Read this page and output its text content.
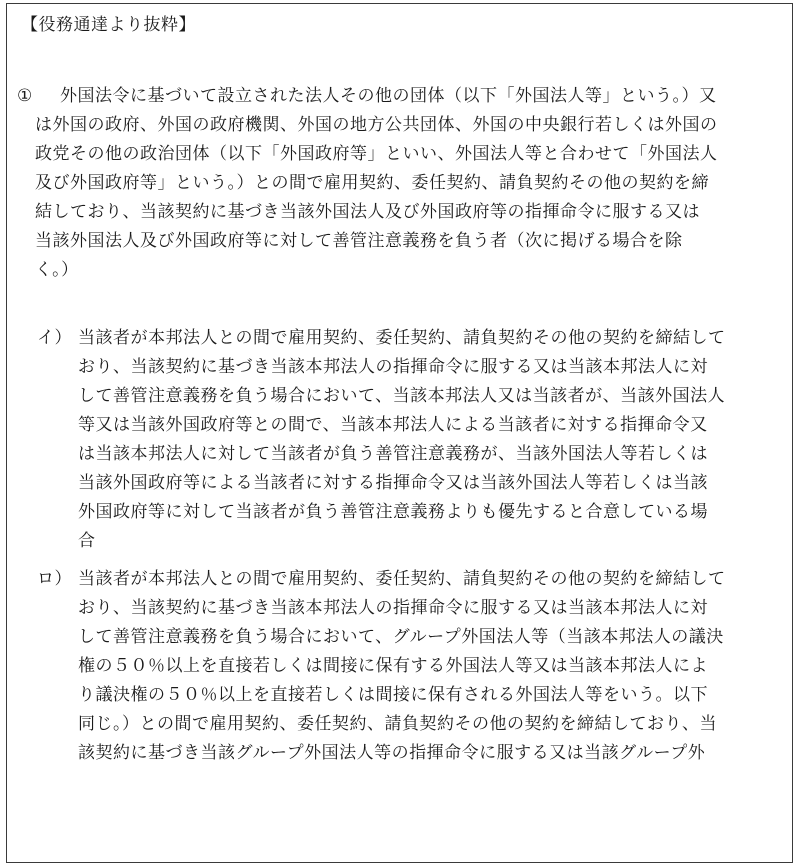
【役務通達より抜粋】
① 外国法令に基づいて設立された法人その他の団体（以下「外国法人等」という。）又
は外国の政府、外国の政府機関、外国の地方公共団体、外国の中央銀行若しくは外国の
政党その他の政治団体（以下「外国政府等」といい、外国法人等と合わせて「外国法人
及び外国政府等」という。）との間で雇用契約、委任契約、請負契約その他の契約を締
結しており、当該契約に基づき当該外国法人及び外国政府等の指揮命令に服する又は
当該外国法人及び外国政府等に対して善管注意義務を負う者（次に掲げる場合を除
く。）
イ） 当該者が本邦法人との間で雇用契約、委任契約、請負契約その他の契約を締結して
おり、当該契約に基づき当該本邦法人の指揮命令に服する又は当該本邦法人に対
して善管注意義務を負う場合において、当該本邦法人又は当該者が、当該外国法人
等又は当該外国政府等との間で、当該本邦法人による当該者に対する指揮命令又
は当該本邦法人に対して当該者が負う善管注意義務が、当該外国法人等若しくは
当該外国政府等による当該者に対する指揮命令又は当該外国法人等若しくは当該
外国政府等に対して当該者が負う善管注意義務よりも優先すると合意している場
合
ロ） 当該者が本邦法人との間で雇用契約、委任契約、請負契約その他の契約を締結して
おり、当該契約に基づき当該本邦法人の指揮命令に服する又は当該本邦法人に対
して善管注意義務を負う場合において、グループ外国法人等（当該本邦法人の議決
権の５０％以上を直接若しくは間接に保有する外国法人等又は当該本邦法人によ
り議決権の５０％以上を直接若しくは間接に保有される外国法人等をいう。以下
同じ。）との間で雇用契約、委任契約、請負契約その他の契約を締結しており、当
該契約に基づき当該グループ外国法人等の指揮命令に服する又は当該グループ外
